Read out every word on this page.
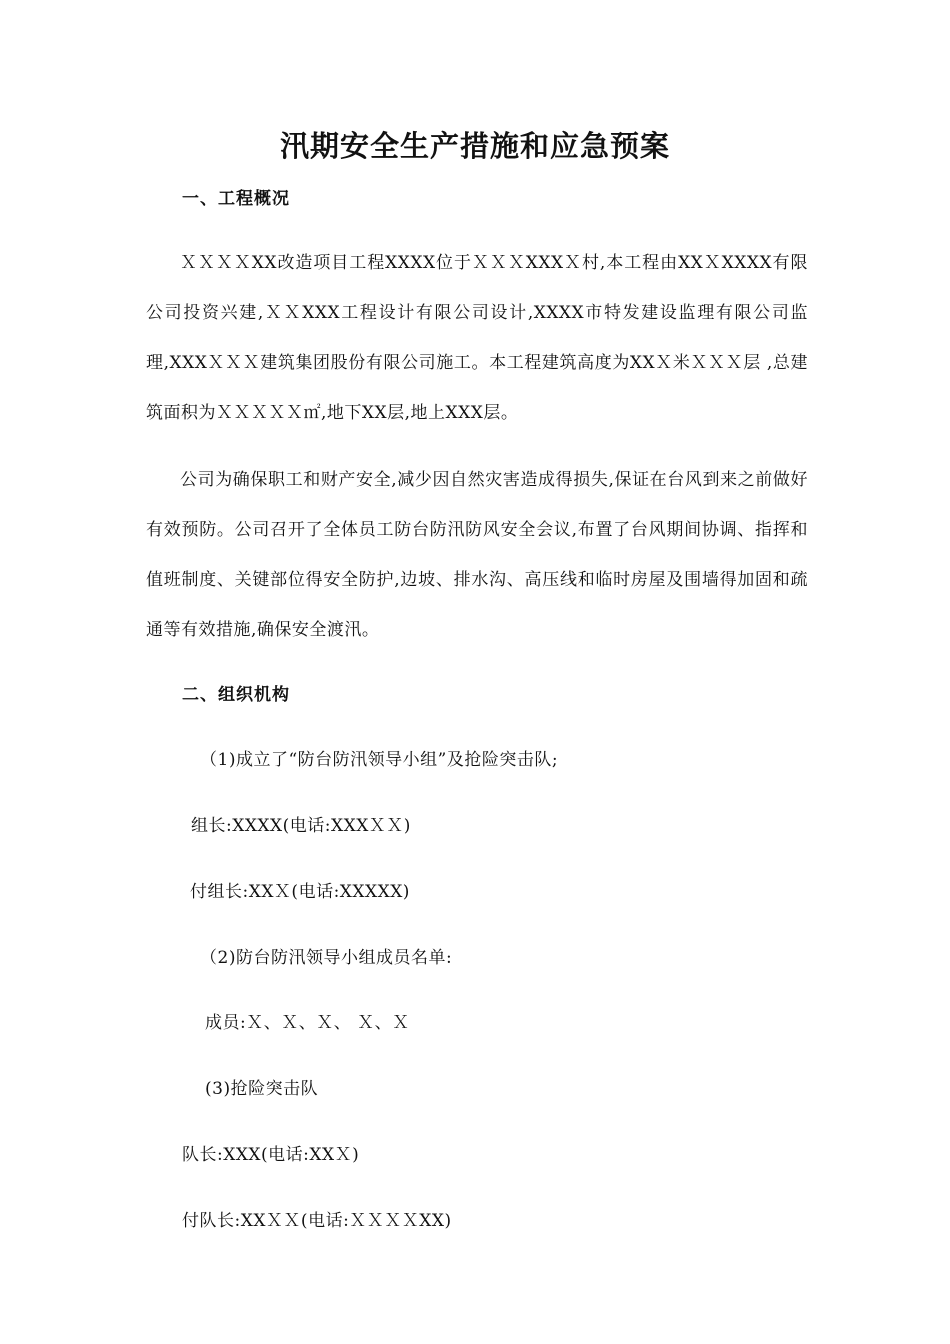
汛期安全生产措施和应急预案
一、工程概况

ＸＸＸＸXX改造项目工程XXXX位于ＸＸＸXXXＸ村,本工程由XXＸXXXX有限公司投资兴建,ＸＸXXX工程设计有限公司设计,XXXX市特发建设监理有限公司监理,XXXＸＸＸ建筑集团股份有限公司施工。本工程建筑高度为XXＸ米ＸＸＸ层 ,总建筑面积为ＸＸＸＸＸ㎡,地下XX层,地上XXX层。

公司为确保职工和财产安全,减少因自然灾害造成得损失,保证在台风到来之前做好有效预防。公司召开了全体员工防台防汛防风安全会议,布置了台风期间协调、指挥和值班制度、关键部位得安全防护,边坡、排水沟、高压线和临时房屋及围墙得加固和疏通等有效措施,确保安全渡汛。

二、组织机构

（1)成立了“防台防汛领导小组”及抢险突击队;

组长:XXXX(电话:XXXＸＸ)

付组长:XXＸ(电话:XXXXX)

（2)防台防汛领导小组成员名单:

成员:Ｘ、Ｘ、Ｘ、 Ｘ、Ｘ

(3)抢险突击队

队长:XXX(电话:XXＸ)

付队长:XXＸＸ(电话:ＸＸＸＸXX)
